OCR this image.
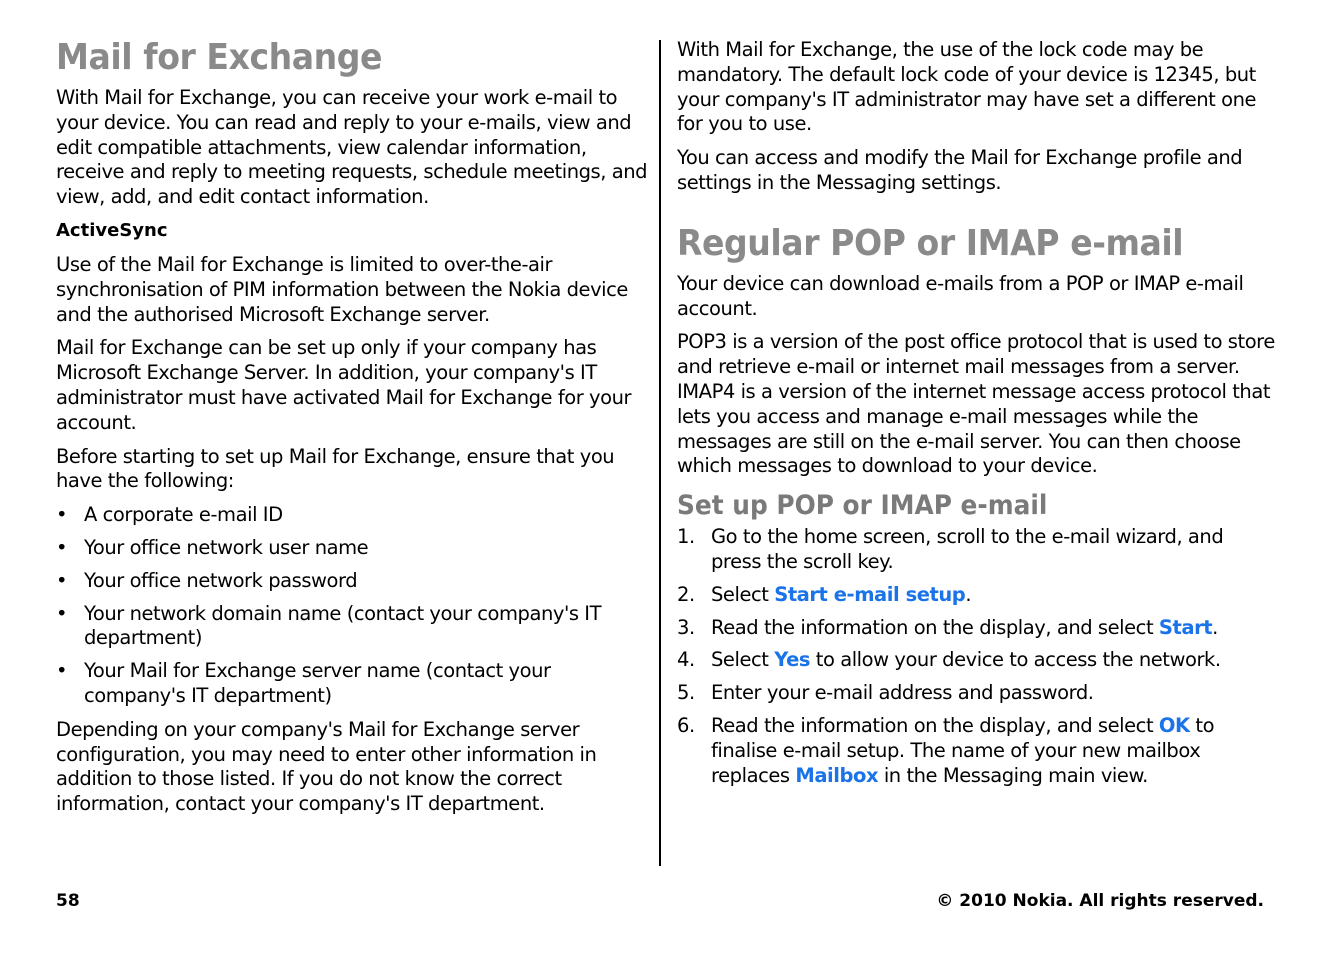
Mail for Exchange

With Mail for Exchange, you can receive your work e-mail to your device. You can read and reply to your e-mails, view and edit compatible attachments, view calendar information, receive and reply to meeting requests, schedule meetings, and view, add, and edit contact information.

ActiveSync

Use of the Mail for Exchange is limited to over-the-air synchronisation of PIM information between the Nokia device and the authorised Microsoft Exchange server.

Mail for Exchange can be set up only if your company has Microsoft Exchange Server. In addition, your company's IT administrator must have activated Mail for Exchange for your account.

Before starting to set up Mail for Exchange, ensure that you have the following:

• A corporate e-mail ID
• Your office network user name
• Your office network password
• Your network domain name (contact your company's IT department)
• Your Mail for Exchange server name (contact your company's IT department)

Depending on your company's Mail for Exchange server configuration, you may need to enter other information in addition to those listed. If you do not know the correct information, contact your company's IT department.

With Mail for Exchange, the use of the lock code may be mandatory. The default lock code of your device is 12345, but your company's IT administrator may have set a different one for you to use.

You can access and modify the Mail for Exchange profile and settings in the Messaging settings.

Regular POP or IMAP e-mail

Your device can download e-mails from a POP or IMAP e-mail account.

POP3 is a version of the post office protocol that is used to store and retrieve e-mail or internet mail messages from a server. IMAP4 is a version of the internet message access protocol that lets you access and manage e-mail messages while the messages are still on the e-mail server. You can then choose which messages to download to your device.

Set up POP or IMAP e-mail
1. Go to the home screen, scroll to the e-mail wizard, and press the scroll key.
2. Select Start e-mail setup.
3. Read the information on the display, and select Start.
4. Select Yes to allow your device to access the network.
5. Enter your e-mail address and password.
6. Read the information on the display, and select OK to finalise e-mail setup. The name of your new mailbox replaces Mailbox in the Messaging main view.
58	© 2010 Nokia. All rights reserved.
